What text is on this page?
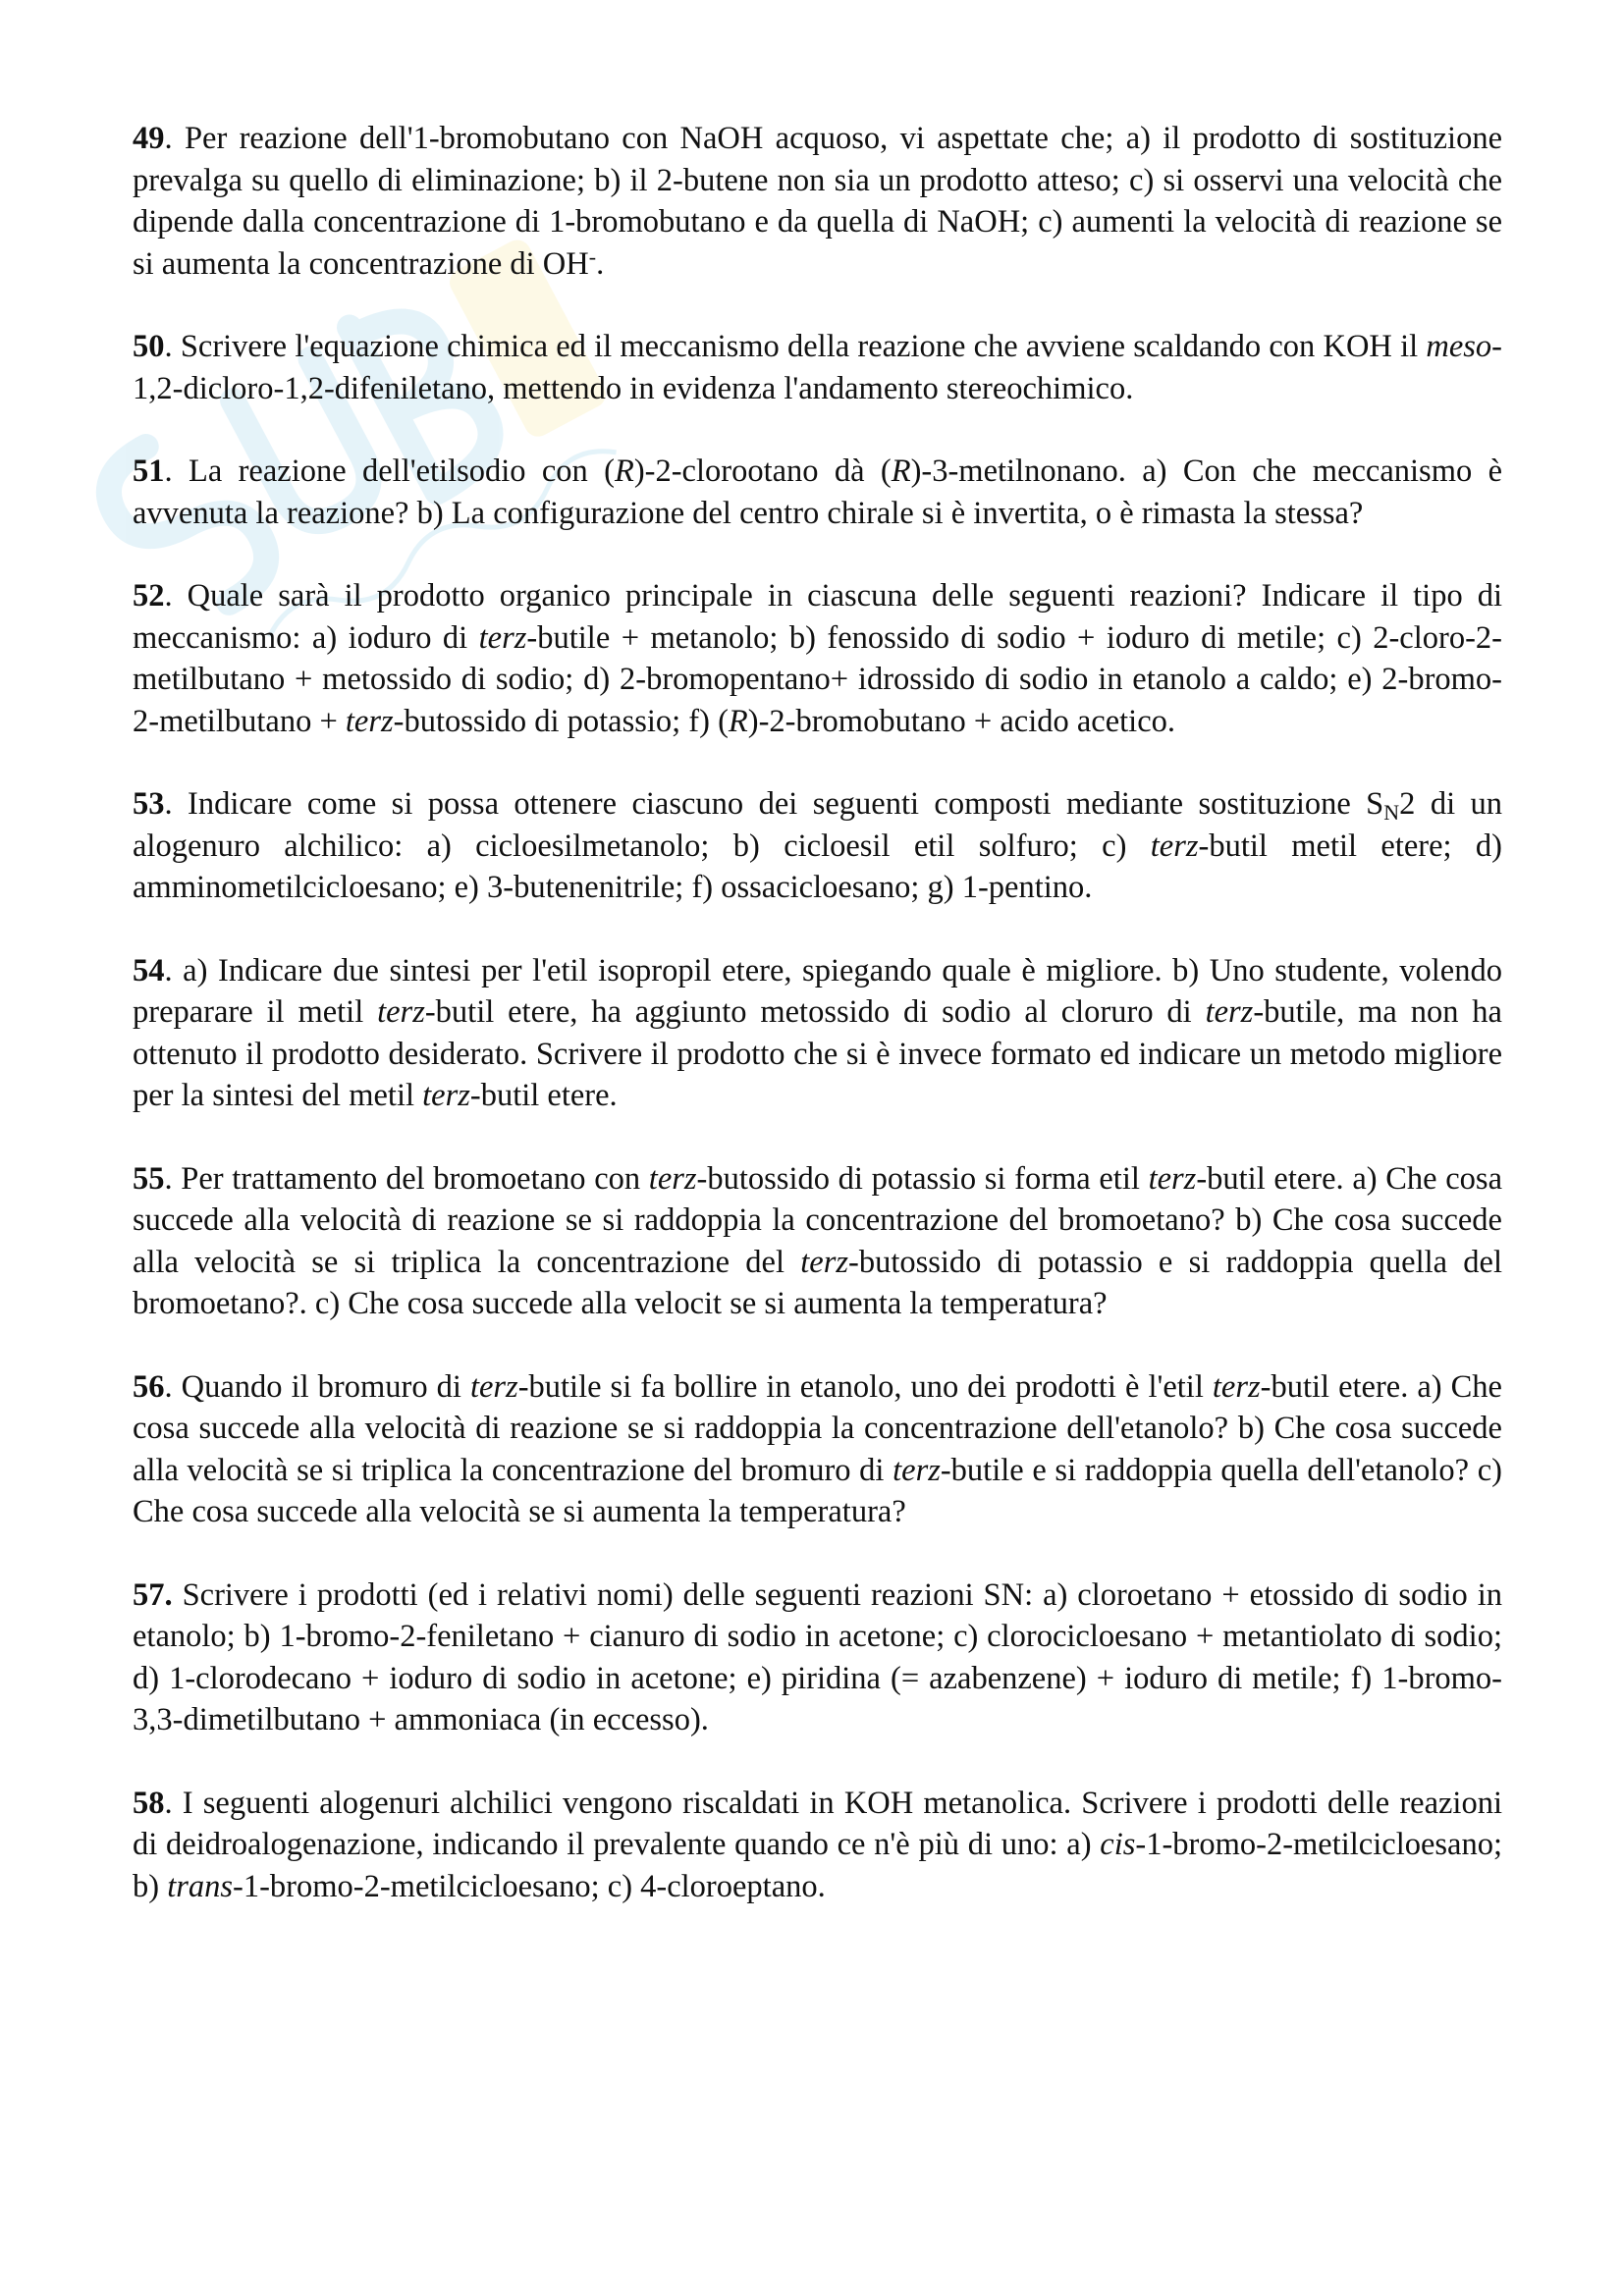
49. Per reazione dell'1-bromobutano con NaOH acquoso, vi aspettate che; a) il prodotto di sostituzione prevalga su quello di eliminazione; b) il 2-butene non sia un prodotto atteso; c) si osservi una velocità che dipende dalla concentrazione di 1-bromobutano e da quella di NaOH; c) aumenti la velocità di reazione se si aumenta la concentrazione di OH-.

50. Scrivere l'equazione chimica ed il meccanismo della reazione che avviene scaldando con KOH il meso-1,2-dicloro-1,2-difeniletano, mettendo in evidenza l'andamento stereochimico.

51. La reazione dell'etilsodio con (R)-2-clorootano dà (R)-3-metilnonano. a) Con che meccanismo è avvenuta la reazione? b) La configurazione del centro chirale si è invertita, o è rimasta la stessa?

52. Quale sarà il prodotto organico principale in ciascuna delle seguenti reazioni? Indicare il tipo di meccanismo: a) ioduro di terz-butile + metanolo; b) fenossido di sodio + ioduro di metile; c) 2-cloro-2-metilbutano + metossido di sodio; d) 2-bromopentano+ idrossido di sodio in etanolo a caldo; e) 2-bromo-2-metilbutano + terz-butossido di potassio; f) (R)-2-bromobutano + acido acetico.

53. Indicare come si possa ottenere ciascuno dei seguenti composti mediante sostituzione $S_N2$ di un alogenuro alchilico: a) cicloesilmetanolo; b) cicloesil etil solfuro; c) terz-butil metil etere; d) amminometilcicloesano; e) 3-butenenitrile; f) ossacicloesano; g) 1-pentino.

54. a) Indicare due sintesi per l'etil isopropil etere, spiegando quale è migliore. b) Uno studente, volendo preparare il metil terz-butil etere, ha aggiunto metossido di sodio al cloruro di terz-butile, ma non ha ottenuto il prodotto desiderato. Scrivere il prodotto che si è invece formato ed indicare un metodo migliore per la sintesi del metil terz-butil etere.

55. Per trattamento del bromoetano con terz-butossido di potassio si forma etil terz-butil etere. a) Che cosa succede alla velocità di reazione se si raddoppia la concentrazione del bromoetano? b) Che cosa succede alla velocità se si triplica la concentrazione del terz-butossido di potassio e si raddoppia quella del bromoetano?. c) Che cosa succede alla velocit se si aumenta la temperatura?

56. Quando il bromuro di terz-butile si fa bollire in etanolo, uno dei prodotti è l'etil terz-butil etere. a) Che cosa succede alla velocità di reazione se si raddoppia la concentrazione dell'etanolo? b) Che cosa succede alla velocità se si triplica la concentrazione del bromuro di terz-butile e si raddoppia quella dell'etanolo? c) Che cosa succede alla velocità se si aumenta la temperatura?

57. Scrivere i prodotti (ed i relativi nomi) delle seguenti reazioni SN: a) cloroetano + etossido di sodio in etanolo; b) 1-bromo-2-feniletano + cianuro di sodio in acetone; c) clorocicloesano + metantiolato di sodio; d) 1-clorodecano + ioduro di sodio in acetone; e) piridina (= azabenzene) + ioduro di metile; f) 1-bromo-3,3-dimetilbutano + ammoniaca (in eccesso).

58. I seguenti alogenuri alchilici vengono riscaldati in KOH metanolica. Scrivere i prodotti delle reazioni di deidroalogenazione, indicando il prevalente quando ce n'è più di uno: a) cis-1-bromo-2-metilcicloesano; b) trans-1-bromo-2-metilcicloesano; c) 4-cloroeptano.
